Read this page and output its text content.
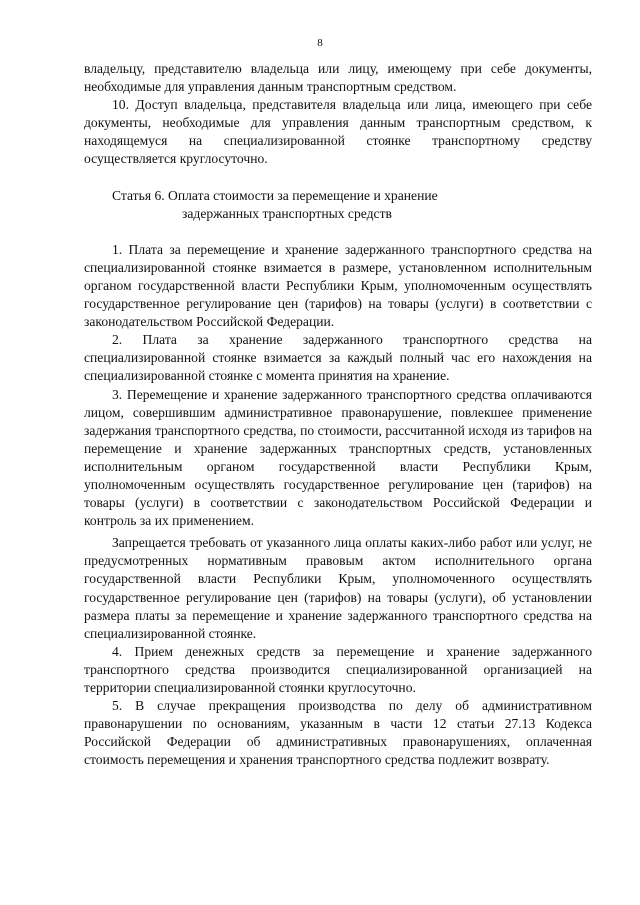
8

владельцу, представителю владельца или лицу, имеющему при себе документы, необходимые для управления данным транспортным средством.

10. Доступ владельца, представителя владельца или лица, имеющего при себе документы, необходимые для управления данным транспортным средством, к находящемуся на специализированной стоянке транспортному средству осуществляется круглосуточно.

Статья 6. Оплата стоимости за перемещение и хранение
задержанных транспортных средств

1. Плата за перемещение и хранение задержанного транспортного средства на специализированной стоянке взимается в размере, установленном исполнительным органом государственной власти Республики Крым, уполномоченным осуществлять государственное регулирование цен (тарифов) на товары (услуги) в соответствии с законодательством Российской Федерации.

2. Плата за хранение задержанного транспортного средства на специализированной стоянке взимается за каждый полный час его нахождения на специализированной стоянке с момента принятия на хранение.

3. Перемещение и хранение задержанного транспортного средства оплачиваются лицом, совершившим административное правонарушение, повлекшее применение задержания транспортного средства, по стоимости, рассчитанной исходя из тарифов на перемещение и хранение задержанных транспортных средств, установленных исполнительным органом государственной власти Республики Крым, уполномоченным осуществлять государственное регулирование цен (тарифов) на товары (услуги) в соответствии с законодательством Российской Федерации и контроль за их применением.

Запрещается требовать от указанного лица оплаты каких-либо работ или услуг, не предусмотренных нормативным правовым актом исполнительного органа государственной власти Республики Крым, уполномоченного осуществлять государственное регулирование цен (тарифов) на товары (услуги), об установлении размера платы за перемещение и хранение задержанного транспортного средства на специализированной стоянке.

4. Прием денежных средств за перемещение и хранение задержанного транспортного средства производится специализированной организацией на территории специализированной стоянки круглосуточно.

5. В случае прекращения производства по делу об административном правонарушении по основаниям, указанным в части 12 статьи 27.13 Кодекса Российской Федерации об административных правонарушениях, оплаченная стоимость перемещения и хранения транспортного средства подлежит возврату.
